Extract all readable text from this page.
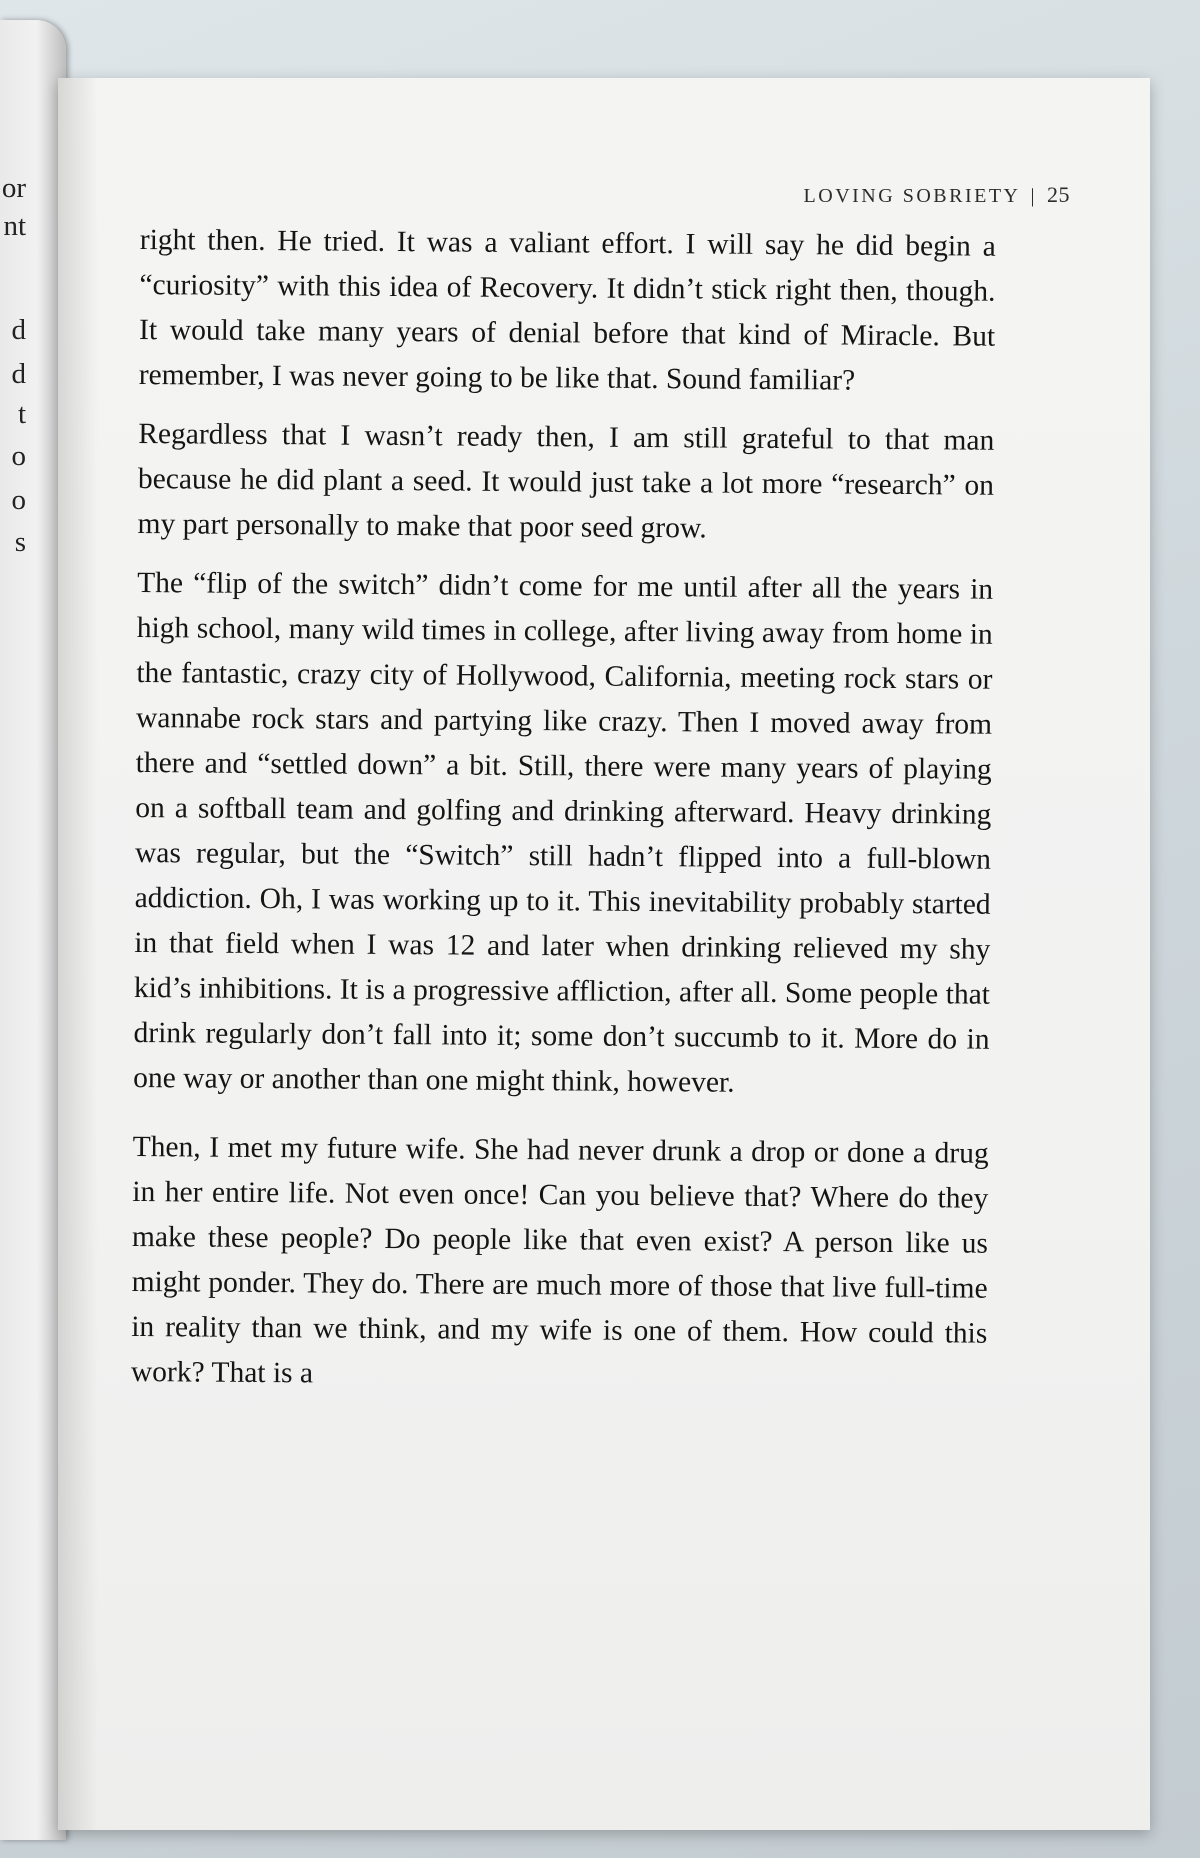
or
nt
d
d
t
o
o
s
LOVING SOBRIETY | 25

right then. He tried. It was a valiant effort. I will say he did begin a “curiosity” with this idea of Recovery. It didn’t stick right then, though. It would take many years of denial before that kind of Miracle. But remember, I was never going to be like that. Sound familiar?

Regardless that I wasn’t ready then, I am still grateful to that man because he did plant a seed. It would just take a lot more “research” on my part personally to make that poor seed grow.

The “flip of the switch” didn’t come for me until after all the years in high school, many wild times in college, after living away from home in the fantastic, crazy city of Hollywood, California, meeting rock stars or wannabe rock stars and partying like crazy. Then I moved away from there and “settled down” a bit. Still, there were many years of playing on a softball team and golfing and drinking afterward. Heavy drinking was regular, but the “Switch” still hadn’t flipped into a full-blown addiction. Oh, I was working up to it. This inevitability probably started in that field when I was 12 and later when drinking relieved my shy kid’s inhibitions. It is a progressive affliction, after all. Some people that drink regularly don’t fall into it; some don’t succumb to it. More do in one way or another than one might think, however.

Then, I met my future wife. She had never drunk a drop or done a drug in her entire life. Not even once! Can you believe that? Where do they make these people? Do people like that even exist? A person like us might ponder. They do. There are much more of those that live full-time in reality than we think, and my wife is one of them. How could this work? That is a
